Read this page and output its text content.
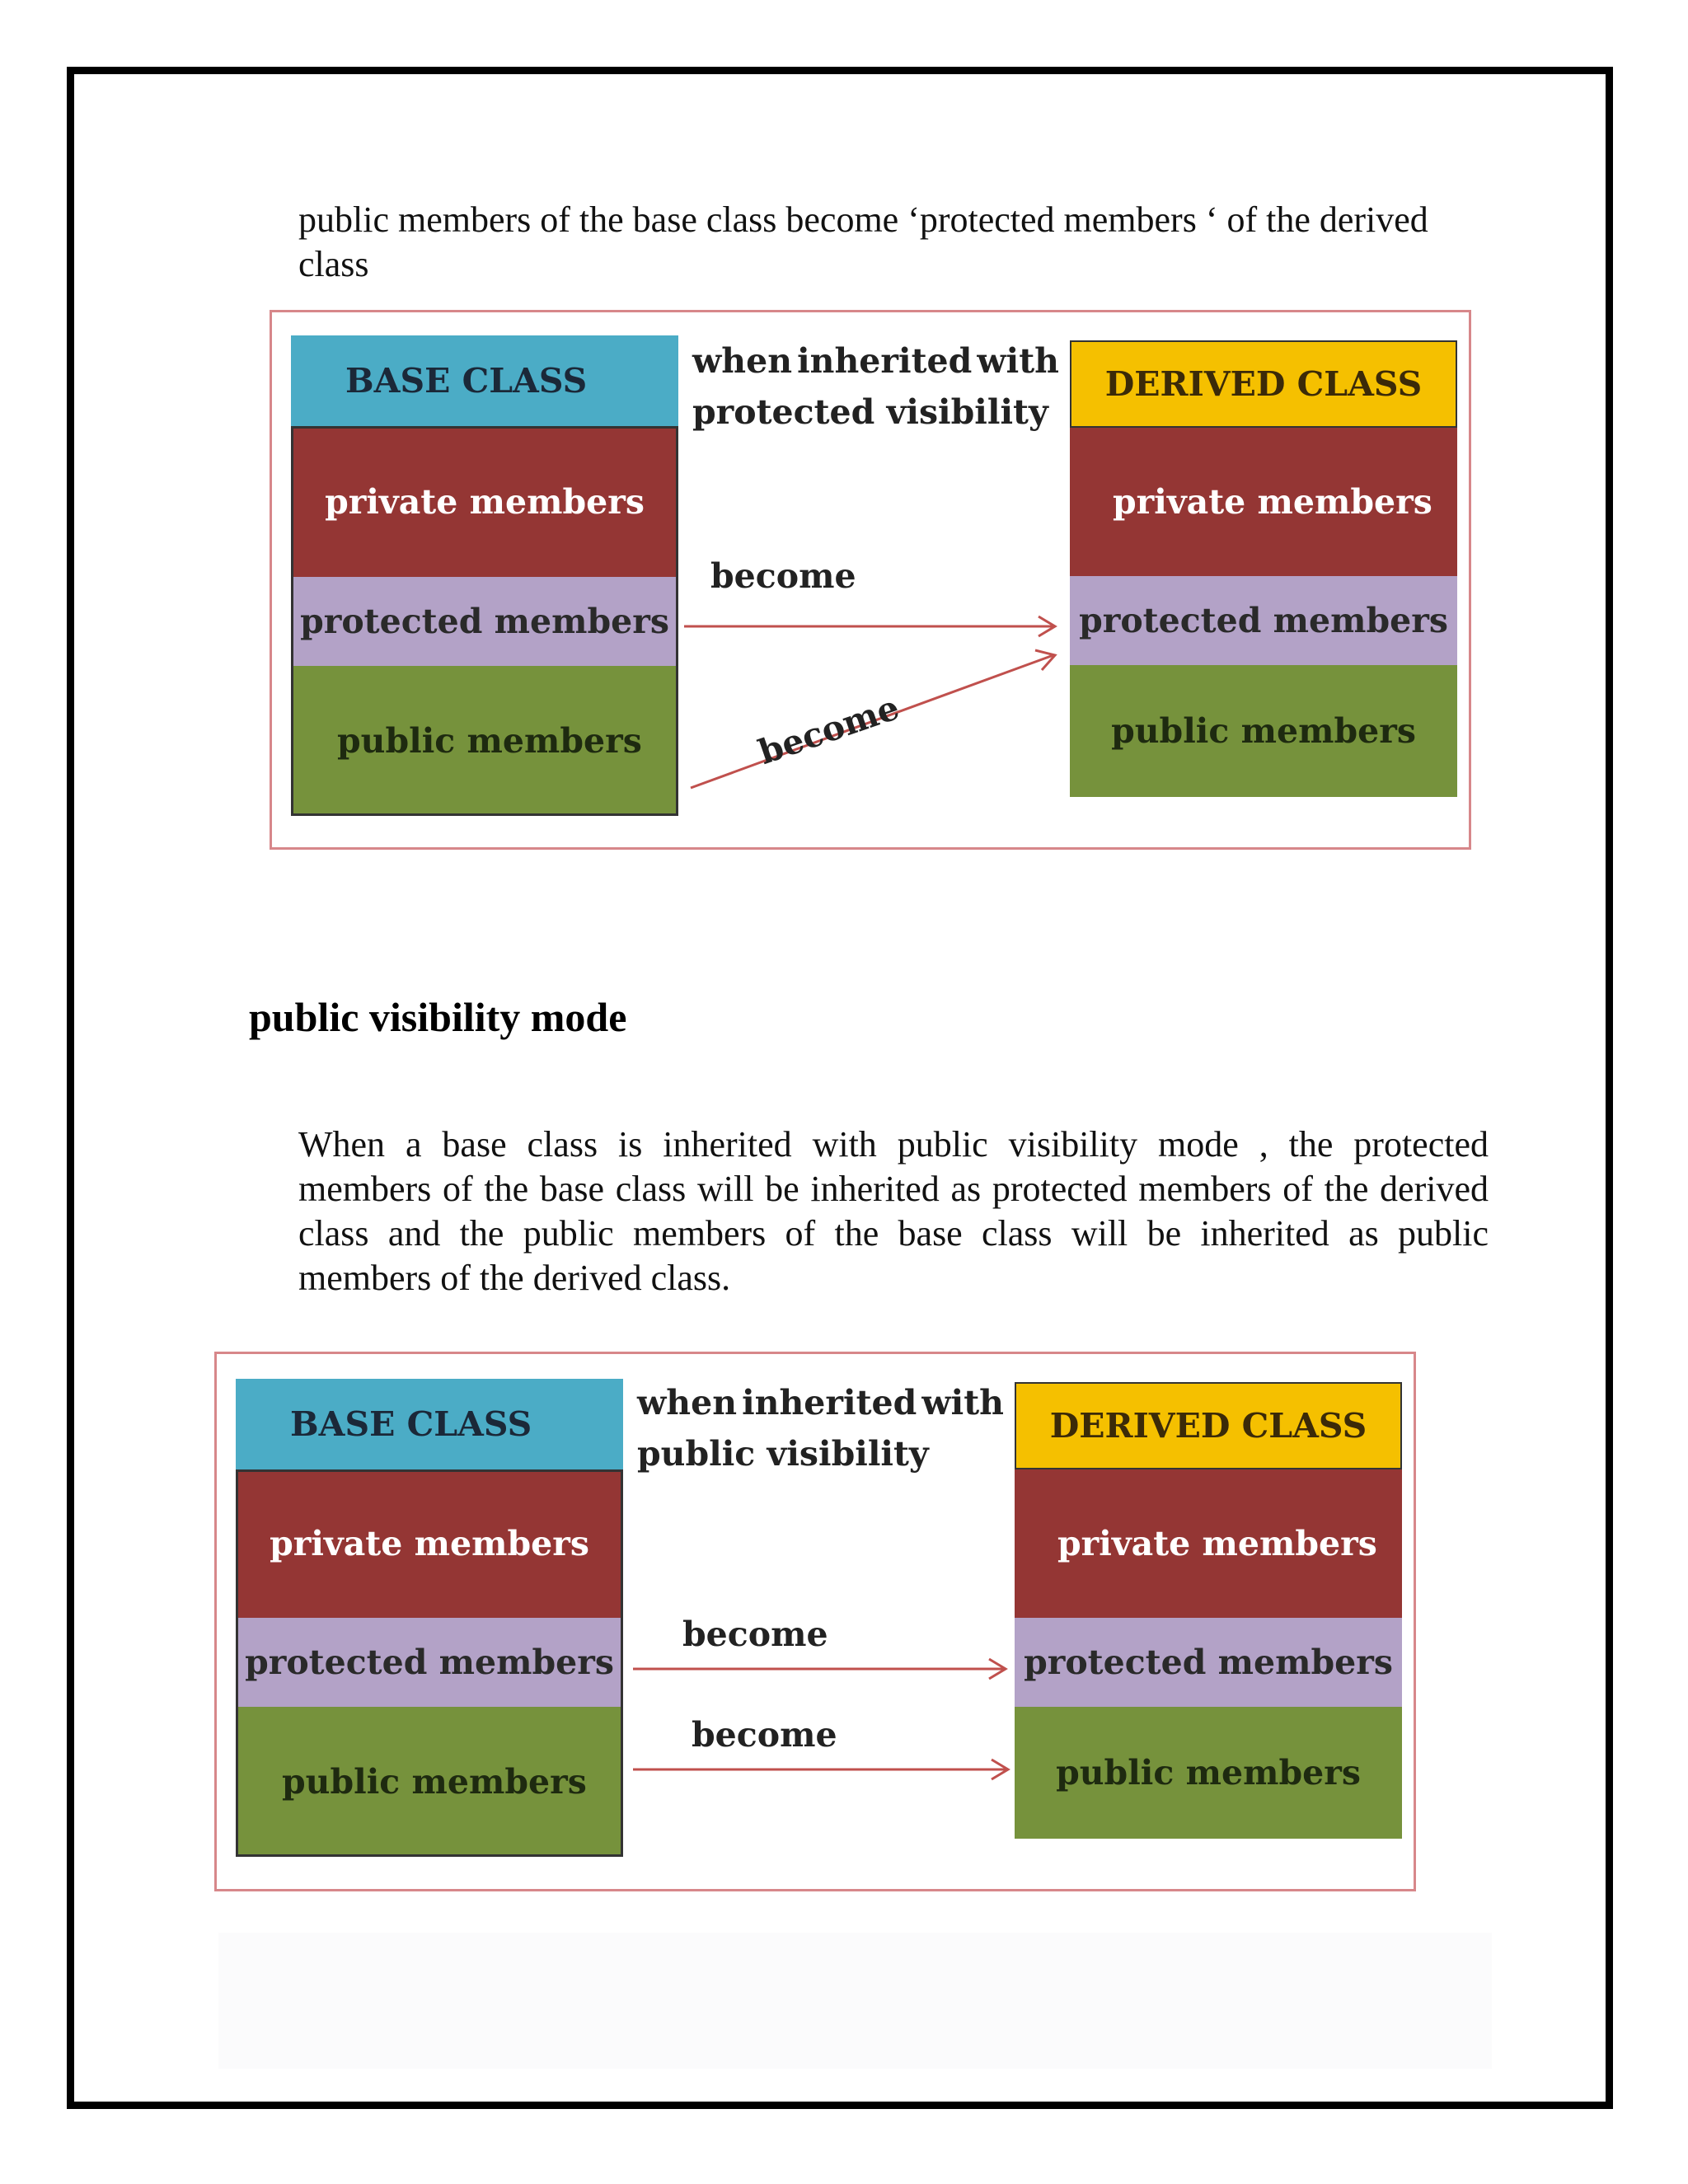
public members of the base class become ‘protected members ‘ of the derived class

BASE CLASS
private members
protected members
public members
when inherited with
protected visibility
DERIVED CLASS
private members
protected members
public members
become
become
public visibility mode

When a base class is inherited with public visibility mode , the protected members of the base class will be inherited as protected members of the derived class and the public members of the base class will be inherited as public members of the derived class.

BASE CLASS
private members
protected members
public members
when inherited with
public visibility
DERIVED CLASS
private members
protected members
public members
become
become
